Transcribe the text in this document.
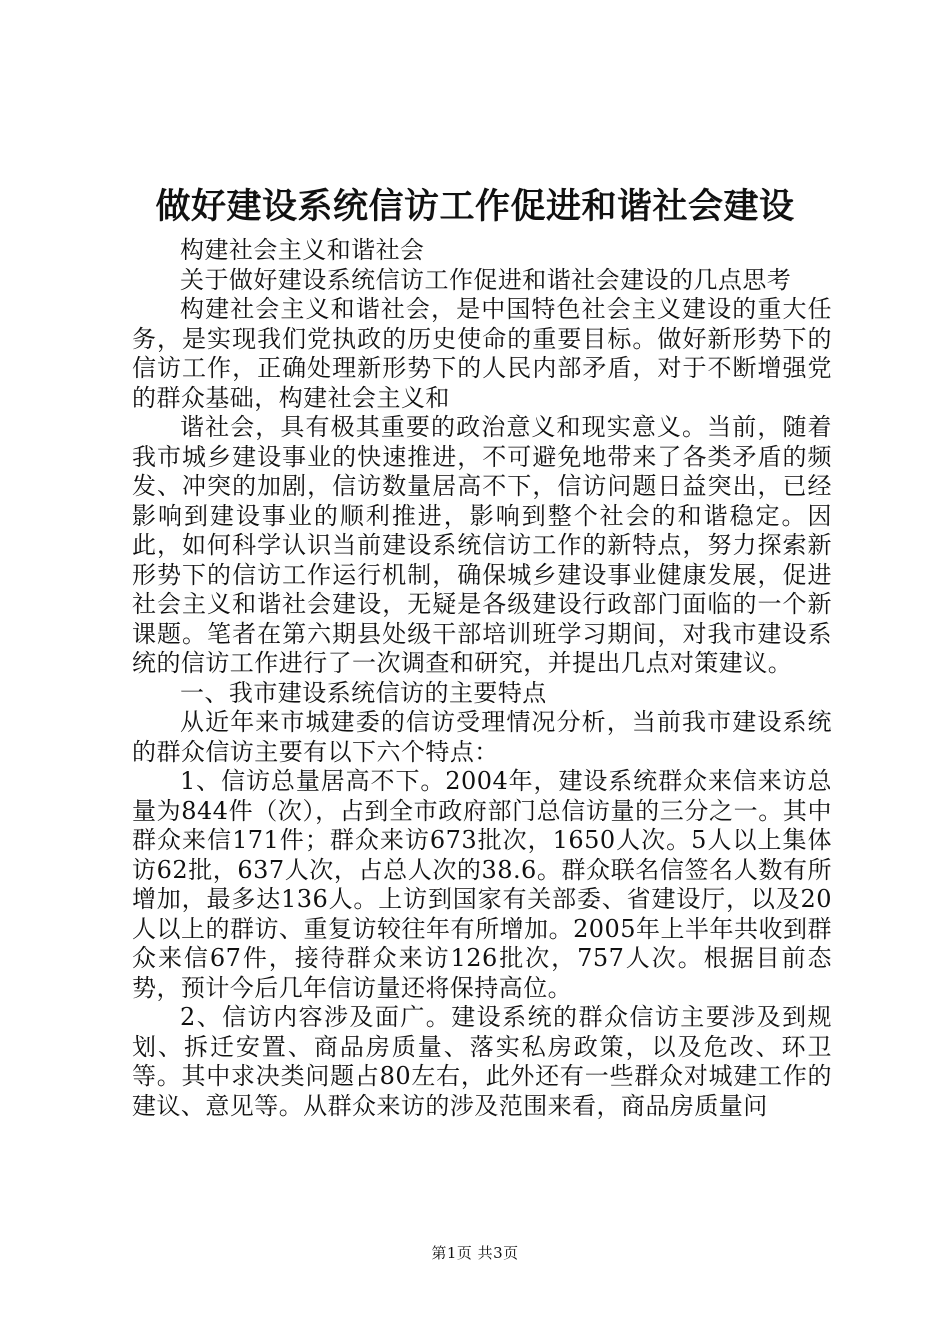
做好建设系统信访工作促进和谐社会建设

构建社会主义和谐社会

关于做好建设系统信访工作促进和谐社会建设的几点思考

构建社会主义和谐社会，是中国特色社会主义建设的重大任务，是实现我们党执政的历史使命的重要目标。做好新形势下的信访工作，正确处理新形势下的人民内部矛盾，对于不断增强党的群众基础，构建社会主义和

谐社会，具有极其重要的政治意义和现实意义。当前，随着我市城乡建设事业的快速推进，不可避免地带来了各类矛盾的频发、冲突的加剧，信访数量居高不下，信访问题日益突出，已经影响到建设事业的顺利推进，影响到整个社会的和谐稳定。因此，如何科学认识当前建设系统信访工作的新特点，努力探索新形势下的信访工作运行机制，确保城乡建设事业健康发展，促进社会主义和谐社会建设，无疑是各级建设行政部门面临的一个新课题。笔者在第六期县处级干部培训班学习期间，对我市建设系统的信访工作进行了一次调查和研究，并提出几点对策建议。

一、我市建设系统信访的主要特点

从近年来市城建委的信访受理情况分析，当前我市建设系统的群众信访主要有以下六个特点：

1、信访总量居高不下。2004年，建设系统群众来信来访总量为844件（次），占到全市政府部门总信访量的三分之一。其中群众来信171件；群众来访673批次，1650人次。5人以上集体访62批，637人次，占总人次的38.6。群众联名信签名人数有所增加，最多达136人。上访到国家有关部委、省建设厅，以及20人以上的群访、重复访较往年有所增加。2005年上半年共收到群众来信67件，接待群众来访126批次，757人次。根据目前态势，预计今后几年信访量还将保持高位。

2、信访内容涉及面广。建设系统的群众信访主要涉及到规划、拆迁安置、商品房质量、落实私房政策，以及危改、环卫等。其中求决类问题占80左右，此外还有一些群众对城建工作的建议、意见等。从群众来访的涉及范围来看，商品房质量问

第1页 共3页
